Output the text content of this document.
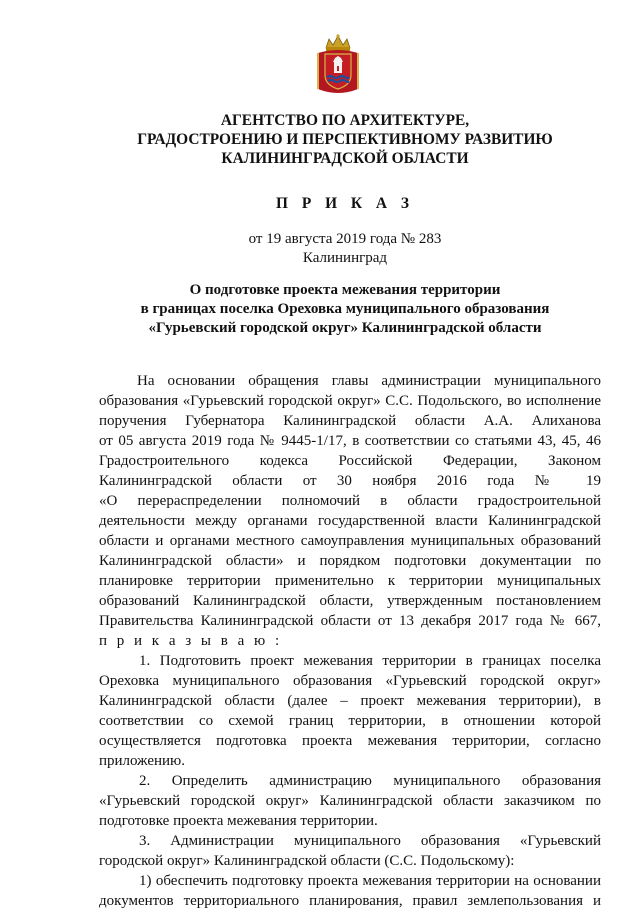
АГЕНТСТВО ПО АРХИТЕКТУРЕ,
ГРАДОСТРОЕНИЮ И ПЕРСПЕКТИВНОМУ РАЗВИТИЮ
КАЛИНИНГРАДСКОЙ ОБЛАСТИ
П Р И К А З
от 19 августа 2019 года № 283
Калининград
О подготовке проекта межевания территории
в границах поселка Ореховка муниципального образования
«Гурьевский городской округ» Калининградской области
На основании обращения главы администрации муниципального
образования «Гурьевский городской округ» С.С. Подольского, во исполнение
поручения Губернатора Калининградской области А.А. Алиханова
от 05 августа 2019 года № 9445-1/17, в соответствии со статьями 43, 45, 46
Градостроительного кодекса Российской Федерации, Законом
Калининградской области от 30 ноября 2016 года № 19
«О перераспределении полномочий в области градостроительной
деятельности между органами государственной власти Калининградской
области и органами местного самоуправления муниципальных образований
Калининградской области» и порядком подготовки документации по
планировке территории применительно к территории муниципальных
образований Калининградской области, утвержденным постановлением
Правительства Калининградской области от 13 декабря 2017 года № 667,
п р и к а з ы в а ю :
1. Подготовить проект межевания территории в границах поселка
Ореховка муниципального образования «Гурьевский городской округ»
Калининградской области (далее – проект межевания территории), в
соответствии со схемой границ территории, в отношении которой
осуществляется подготовка проекта межевания территории, согласно
приложению.
2. Определить администрацию муниципального образования
«Гурьевский городской округ» Калининградской области заказчиком по
подготовке проекта межевания территории.
3. Администрации муниципального образования «Гурьевский
городской округ» Калининградской области (С.С. Подольскому):
1) обеспечить подготовку проекта межевания территории на основании
документов территориального планирования, правил землепользования и
